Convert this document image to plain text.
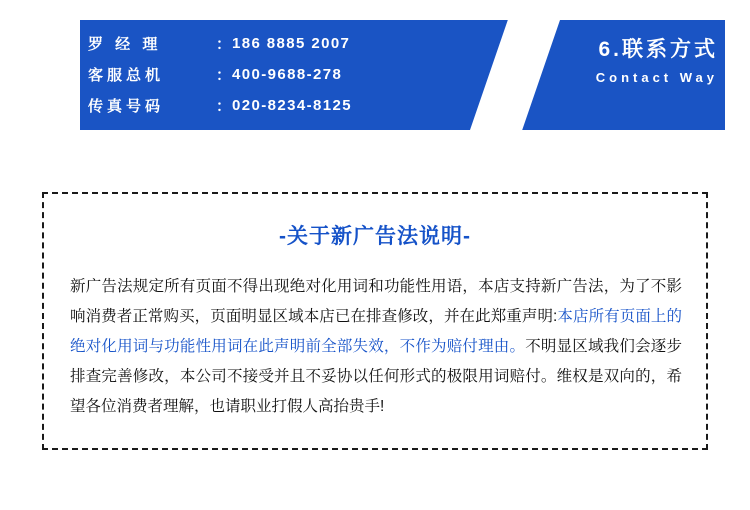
罗 经 理	： 186 8885 2007
客服总机	： 400-9688-278
传真号码	： 020-8234-8125
6.联系方式
Contact Way
-关于新广告法说明-
新广告法规定所有页面不得出现绝对化用词和功能性用语，本店支持新广告法，为了不影响消费者正常购买，页面明显区域本店已在排查修改，并在此郑重声明:本店所有页面上的绝对化用词与功能性用词在此声明前全部失效，不作为赔付理由。不明显区域我们会逐步排查完善修改，本公司不接受并且不妥协以任何形式的极限用词赔付。维权是双向的，希望各位消费者理解，也请职业打假人高抬贵手!
